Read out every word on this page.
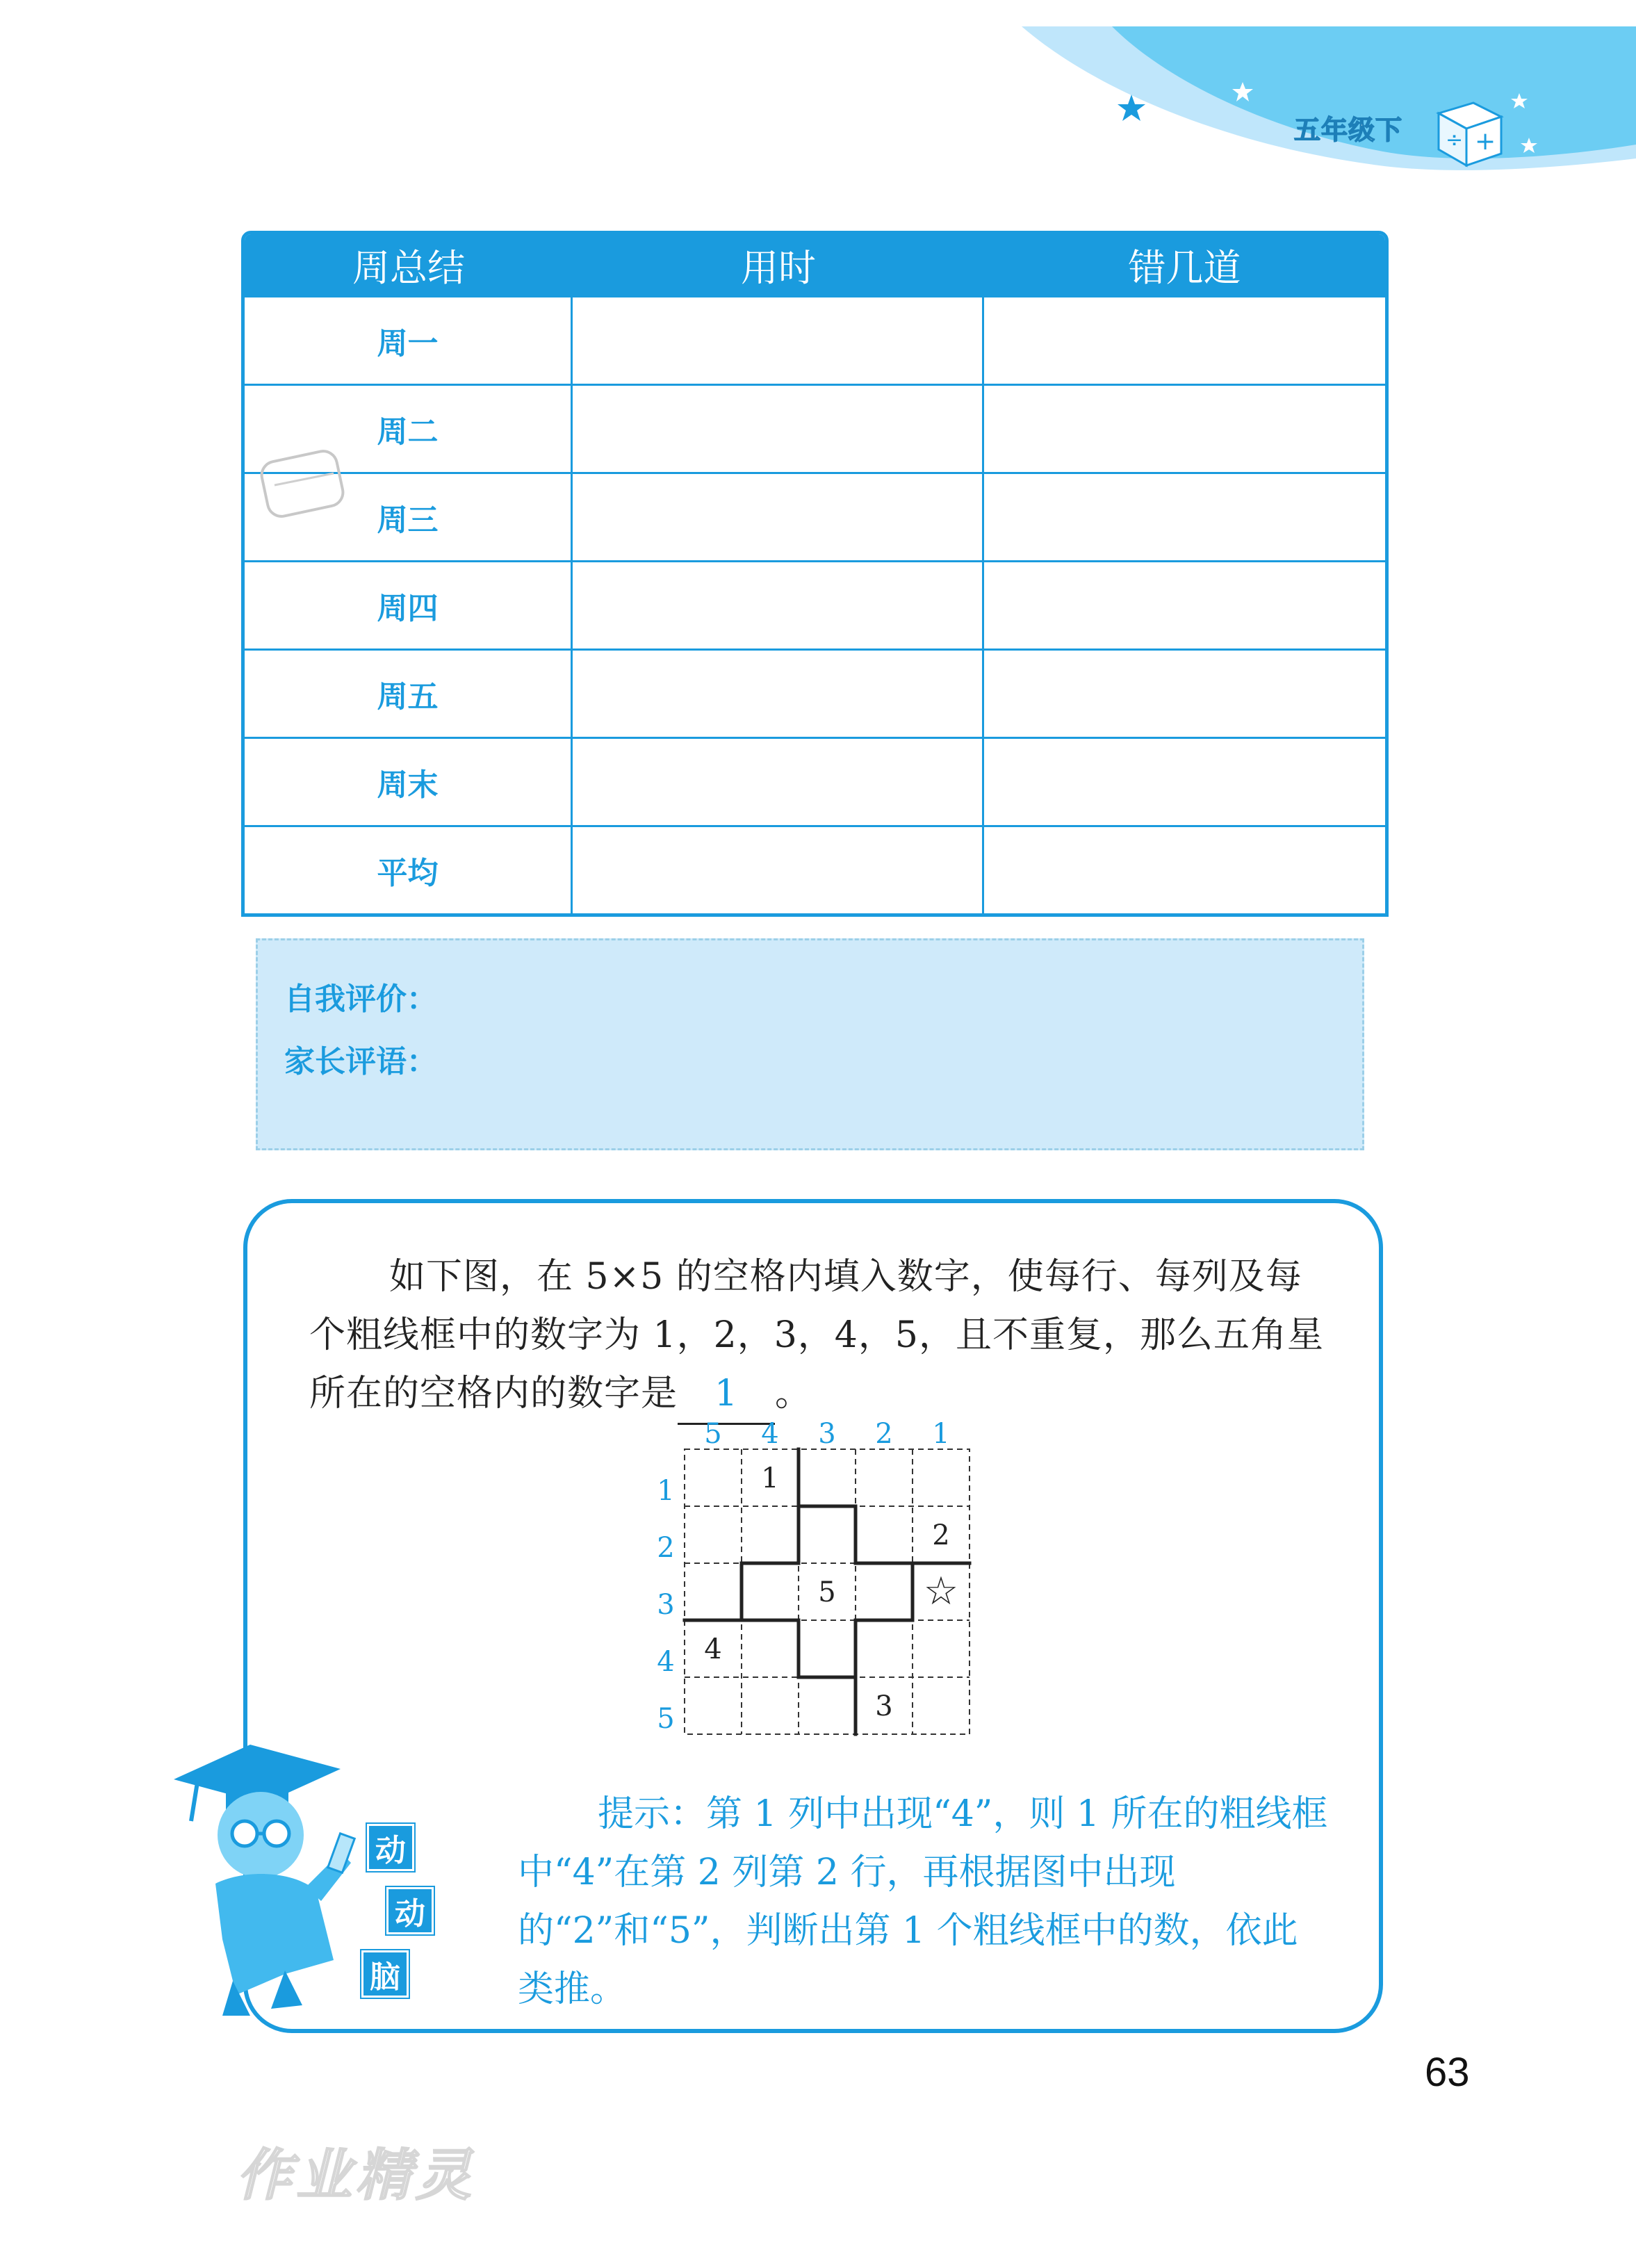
五年级下 ÷ +
周总结	用时	错几道
周一
周二
周三
周四
周五
周末
平均
自我评价：
家长评语：
如下图，在 5×5 的空格内填入数字，使每行、每列及每个粗线框中的数字为 1，2，3，4，5，且不重复，那么五角星所在的空格内的数字是 1 。
5 4 3 2 1
1
2
3
4
5
1
2
5
4
3
☆
动
动
脑
提示：第 1 列中出现“4”，则 1 所在的粗线框中“4”在第 2 列第 2 行，再根据图中出现的“2”和“5”，判断出第 1 个粗线框中的数，依此类推。
63
作业精灵
